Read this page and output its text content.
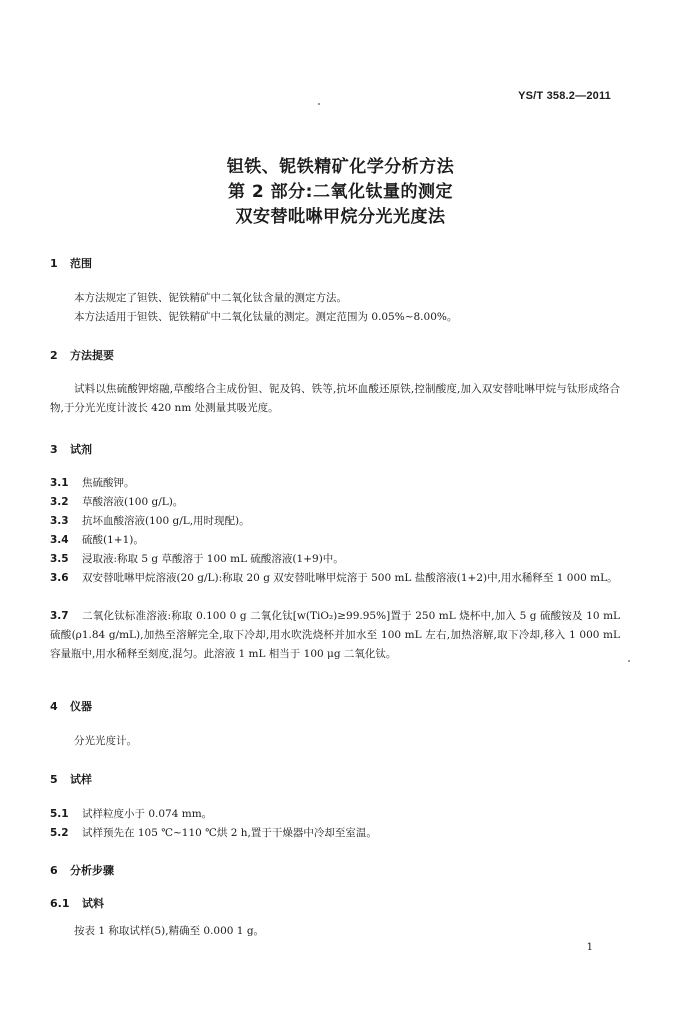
YS/T 358.2—2011
钽铁、铌铁精矿化学分析方法
第 2 部分:二氧化钛量的测定
双安替吡啉甲烷分光光度法
1 范围
本方法规定了钽铁、铌铁精矿中二氧化钛含量的测定方法。
本方法适用于钽铁、铌铁精矿中二氧化钛量的测定。测定范围为 0.05%~8.00%。
2 方法提要
试料以焦硫酸钾熔融,草酸络合主成份钽、铌及钨、铁等,抗坏血酸还原铁,控制酸度,加入双安替吡啉甲烷与钛形成络合物,于分光光度计波长 420 nm 处测量其吸光度。
3 试剂
3.1 焦硫酸钾。
3.2 草酸溶液(100 g/L)。
3.3 抗坏血酸溶液(100 g/L,用时现配)。
3.4 硫酸(1+1)。
3.5 浸取液:称取 5 g 草酸溶于 100 mL 硫酸溶液(1+9)中。
3.6 双安替吡啉甲烷溶液(20 g/L):称取 20 g 双安替吡啉甲烷溶于 500 mL 盐酸溶液(1+2)中,用水稀释至 1 000 mL。
3.7 二氧化钛标准溶液:称取 0.100 0 g 二氧化钛[w(TiO₂)≥99.95%]置于 250 mL 烧杯中,加入 5 g 硫酸铵及 10 mL 硫酸(ρ1.84 g/mL),加热至溶解完全,取下冷却,用水吹洗烧杯并加水至 100 mL 左右,加热溶解,取下冷却,移入 1 000 mL 容量瓶中,用水稀释至刻度,混匀。此溶液 1 mL 相当于 100 μg 二氧化钛。
4 仪器
分光光度计。
5 试样
5.1 试样粒度小于 0.074 mm。
5.2 试样预先在 105 ℃~110 ℃烘 2 h,置于干燥器中冷却至室温。
6 分析步骤
6.1 试料
按表 1 称取试样(5),精确至 0.000 1 g。
1
